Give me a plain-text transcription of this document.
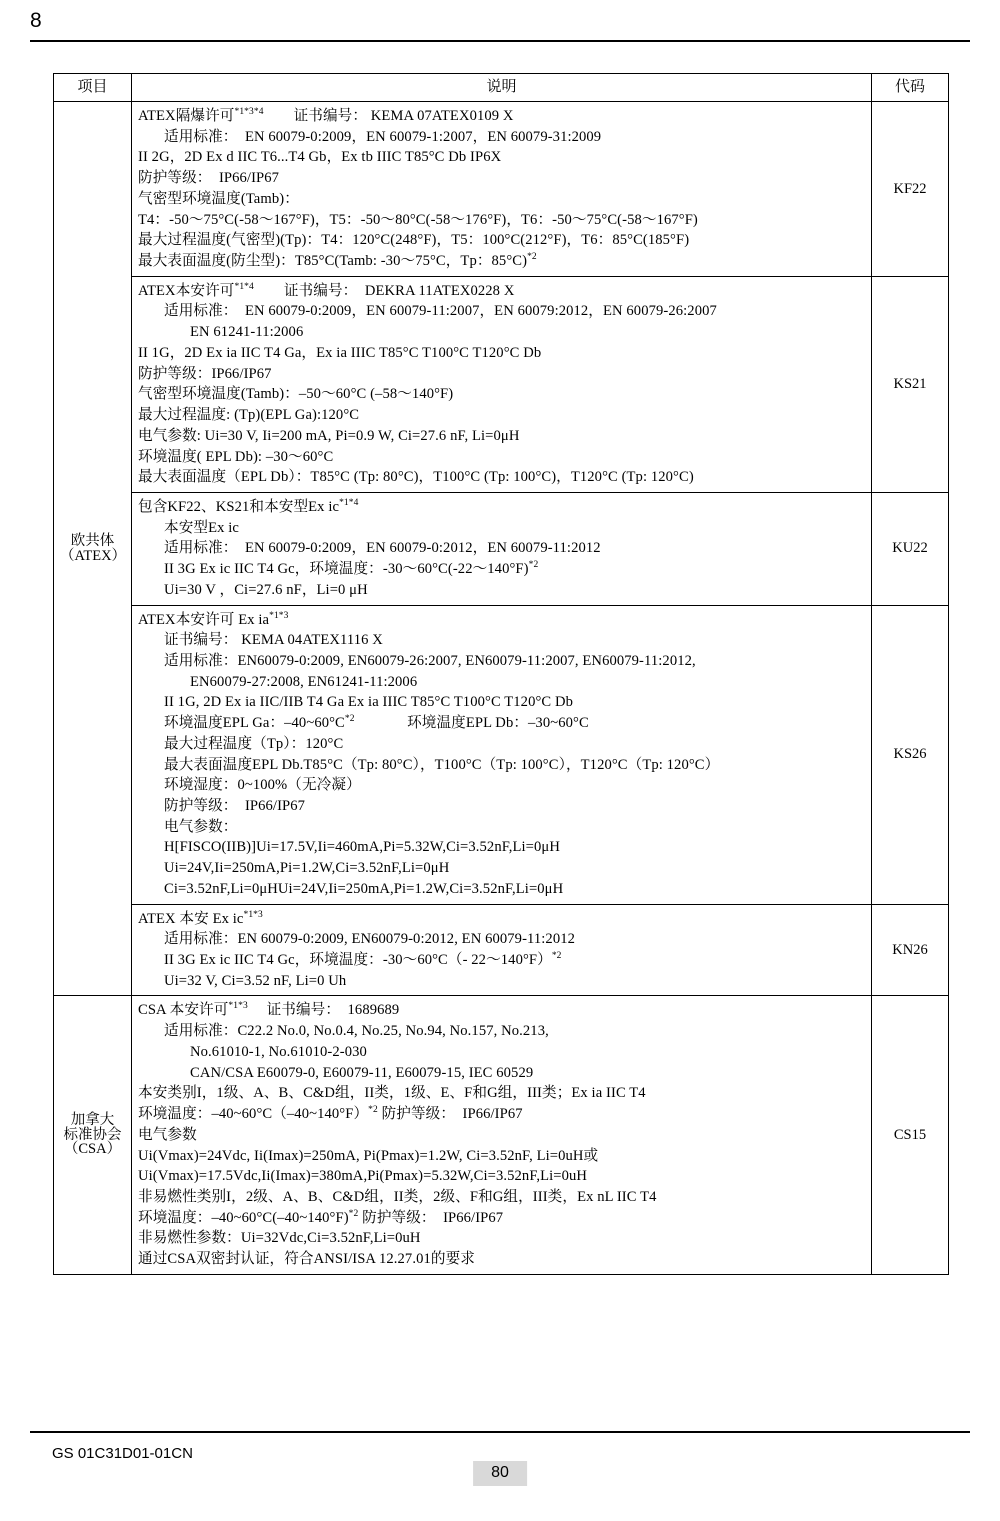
8
项目	说明	代码

欧共体
（ATEX）

ATEX隔爆许可$^{*1*3*4}$        证书编号： KEMA 07ATEX0109 X
适用标准：  EN 60079-0:2009，EN 60079-1:2007，EN 60079-31:2009
II 2G，2D Ex d IIC T6...T4 Gb，Ex tb IIIC T85°C Db IP6X
防护等级：  IP66/IP67
气密型环境温度(Tamb)：
T4：-50～75°C(-58～167°F)，T5：-50～80°C(-58～176°F)，T6：-50～75°C(-58～167°F)
最大过程温度(气密型)(Tp)：T4：120°C(248°F)，T5：100°C(212°F)，T6：85°C(185°F)
最大表面温度(防尘型)：T85°C(Tamb: -30～75°C，Tp：85°C)$^{*2}$
	KF22

ATEX本安许可$^{*1*4}$        证书编号：  DEKRA 11ATEX0228 X
适用标准：  EN 60079-0:2009，EN 60079-11:2007，EN 60079:2012，EN 60079-26:2007
EN 61241-11:2006
II 1G，2D Ex ia IIC T4 Ga，Ex ia IIIC T85°C T100°C T120°C Db
防护等级：IP66/IP67
气密型环境温度(Tamb)：–50～60°C (–58～140°F)
最大过程温度: (Tp)(EPL Ga):120°C
电气参数: Ui=30 V, Ii=200 mA, Pi=0.9 W, Ci=27.6 nF, Li=0μH
环境温度( EPL Db): –30～60°C
最大表面温度（EPL Db）：T85°C (Tp: 80°C)，T100°C (Tp: 100°C)，T120°C (Tp: 120°C)
	KS21

	包含KF22、KS21和本安型Ex $ic^{*1*4}$
本安型Ex ic
适用标准：  EN 60079-0:2009，EN 60079-0:2012，EN 60079-11:2012
II 3G Ex ic IIC T4 Gc，环境温度：-30～60°C(-22～140°F)$^{*2}$
Ui=30 V ，Ci=27.6 nF，Li=0 μH	KU22

ATEX本安许可 Ex $ia^{*1*3}$
证书编号： KEMA 04ATEX1116 X
适用标准：EN60079-0:2009, EN60079-26:2007, EN60079-11:2007, EN60079-11:2012,
EN60079-27:2008, EN61241-11:2006
II 1G, 2D Ex ia IIC/IIB T4 Ga Ex ia IIIC T85°C T100°C T120°C Db
环境温度EPL Ga：$-40\sim 60^\circ C^{*2}$              环境温度EPL Db：–30~60°C
最大过程温度（Tp）：120°C
最大表面温度EPL Db.T85°C（Tp: 80°C），T100°C（Tp: 100°C），T120°C（Tp: 120°C）
环境湿度：0~100%（无冷凝）
防护等级：  IP66/IP67
电气参数：
H[FISCO(IIB)]Ui=17.5V,Ii=460mA,Pi=5.32W,Ci=3.52nF,Li=0μH
Ui=24V,Ii=250mA,Pi=1.2W,Ci=3.52nF,Li=0μH
Ci=3.52nF,Li=0μHUi=24V,Ii=250mA,Pi=1.2W,Ci=3.52nF,Li=0μH
	KS26

	ATEX 本安 Ex $ic^{*1*3}$
适用标准：EN 60079-0:2009, EN60079-0:2012, EN 60079-11:2012
II 3G Ex ic IIC T4 Gc，环境温度：-30～60°C（- 22～140°F）$^{*2}$
Ui=32 V, Ci=3.52 nF, Li=0 Uh	KN26

加拿大
标准协会
（CSA）

CSA 本安许可$^{*1*3}$     证书编号：  1689689
适用标准：C22.2 No.0, No.0.4, No.25, No.94, No.157, No.213,
No.61010-1, No.61010-2-030
CAN/CSA E60079-0, E60079-11, E60079-15, IEC 60529
本安类别I，1级、A、B、C&D组，II类，1级、E、F和G组，III类；Ex ia IIC T4
环境温度：–40~60°C（–40~140°F）$^{*2}$ 防护等级：  IP66/IP67
电气参数
Ui(Vmax)=24Vdc, Ii(Imax)=250mA, Pi(Pmax)=1.2W, Ci=3.52nF, Li=0uH或
Ui(Vmax)=17.5Vdc,Ii(Imax)=380mA,Pi(Pmax)=5.32W,Ci=3.52nF,Li=0uH
非易燃性类别I，2级、A、B、C&D组，II类，2级、F和G组，III类，Ex nL IIC T4
环境温度：–40~60°C(–40~140°F)$^{*2}$ 防护等级：  IP66/IP67
非易燃性参数：Ui=32Vdc,Ci=3.52nF,Li=0uH
通过CSA双密封认证，符合ANSI/ISA 12.27.01的要求
	CS15
GS 01C31D01-01CN
80
